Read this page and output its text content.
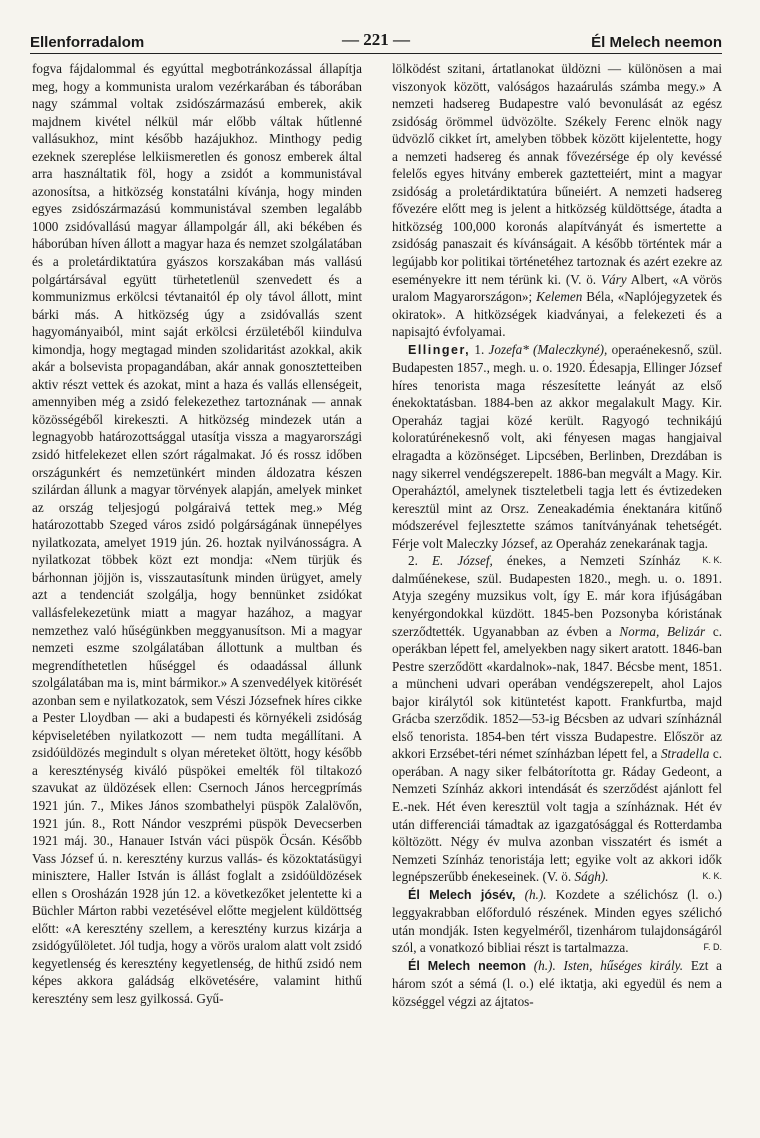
Ellenforradalom	— 221 —	Él Melech neemon

fogva fájdalommal és egyúttal megbotránkozással állapítja meg, hogy a kommunista uralom vezérkarában és táborában nagy számmal voltak zsidószármazású emberek, akik majdnem kivétel nélkül már előbb váltak hűtlenné vallásukhoz, mint később hazájukhoz. Minthogy pedig ezeknek szereplése lelkiismeretlen és gonosz emberek által arra használtatik föl, hogy a zsidót a kommunistával azonosítsa, a hitközség konstatálni kívánja, hogy minden egyes zsidószármazású kommunistával szemben legalább 1000 zsidóvallású magyar állampolgár áll, aki békében és háborúban híven állott a magyar haza és nemzet szolgálatában és a proletárdiktatúra gyászos korszakában más vallású polgártársával együtt türhetetlenül szenvedett és a kommunizmus erkölcsi tévtanaitól ép oly távol állott, mint bárki más. A hitközség úgy a zsidóvallás szent hagyományaiból, mint saját erkölcsi érzületéből kiindulva kimondja, hogy megtagad minden szolidaritást azokkal, akik akár a bolsevista propagandában, akár annak gonosztetteiben aktiv részt vettek és azokat, mint a haza és vallás ellenségeit, amennyiben még a zsidó felekezethez tartoznának — annak közösségéből kirekeszti. A hitközség mindezek után a legnagyobb határozottsággal utasítja vissza a magyarországi zsidó hitfelekezet ellen szórt rágalmakat. Jó és rossz időben országunkért és nemzetünkért minden áldozatra készen szilárdan állunk a magyar törvények alapján, amelyek minket az ország teljesjogú polgáraivá tettek meg.» Még határozottabb Szeged város zsidó polgárságának ünnepélyes nyilatkozata, amelyet 1919 jún. 26. hoztak nyilvánosságra. A nyilatkozat többek közt ezt mondja: «Nem türjük és bárhonnan jöjjön is, visszautasítunk minden ürügyet, amely azt a tendenciát szolgálja, hogy bennünket zsidókat vallásfelekezetünk miatt a magyar hazához, a magyar nemzethez való hűségünkben meggyanusítson. Mi a magyar nemzeti eszme szolgálatában állottunk a multban és megrendíthetetlen hűséggel és odaadással állunk szolgálatában ma is, mint bármikor.» A szenvedélyek kitörését azonban sem e nyilatkozatok, sem Vészi Józsefnek híres cikke a Pester Lloydban — aki a budapesti és környékeli zsidóság képviseletében nyilatkozott — nem tudta megállítani. A zsidóüldözés megindult s olyan méreteket öltött, hogy később a kereszténység kiváló püspökei emelték föl tiltakozó szavukat az üldözések ellen: Csernoch János hercegprímás 1921 jún. 7., Mikes János szombathelyi püspök Zalalövőn, 1921 jún. 8., Rott Nándor veszprémi püspök Devecserben 1921 máj. 30., Hanauer István váci püspök Öcsán. Később Vass József ú. n. keresztény kurzus vallás- és közoktatásügyi minisztere, Haller István is állást foglalt a zsidóüldözések ellen s Orosházán 1928 jún 12. a következőket jelentette ki a Büchler Márton rabbi vezetésével előtte megjelent küldöttség előtt: «A keresztény szellem, a keresztény kurzus kizárja a zsidógyűlöletet. Jól tudja, hogy a vörös uralom alatt volt zsidó kegyetlenség és keresztény kegyetlenség, de hithű zsidó nem képes akkora galádság elkövetésére, valamint hithű keresztény sem lesz gyilkossá. Gyű-

lölködést szitani, ártatlanokat üldözni — különösen a mai viszonyok között, valóságos hazaárulás számba megy.» A nemzeti hadsereg Budapestre való bevonulását az egész zsidóság örömmel üdvözölte. Székely Ferenc elnök nagy üdvözlő cikket írt, amelyben többek között kijelentette, hogy a nemzeti hadsereg és annak fővezérsége ép oly kevéssé felelős egyes hitvány emberek gaztetteiért, mint a magyar zsidóság a proletárdiktatúra bűneiért. A nemzeti hadsereg fővezére előtt meg is jelent a hitközség küldöttsége, átadta a hitközség 100,000 koronás alapítványát és ismertette a zsidóság panaszait és kívánságait. A később történtek már a legújabb kor politikai történetéhez tartoznak és azért ezekre az eseményekre itt nem térünk ki. (V. ö. Váry Albert, «A vörös uralom Magyarországon»; Kelemen Béla, «Naplójegyzetek és okiratok». A hitközségek kiadványai, a felekezeti és a napisajtó évfolyamai.

Ellinger, 1. Jozefa* (Maleczkyné), operaénekesnő, szül. Budapesten 1857., megh. u. o. 1920. Édesapja, Ellinger József híres tenorista maga részesítette leányát az első énekoktatásban. 1884-ben az akkor megalakult Magy. Kir. Operaház tagjai közé került. Ragyogó technikájú koloratúrénekesnő volt, aki fényesen magas hangjaival elragadta a közönséget. Lipcsében, Berlinben, Drezdában is nagy sikerrel vendégszerepelt. 1886-ban megvált a Magy. Kir. Operaháztól, amelynek tiszteletbeli tagja lett és évtizedeken keresztül mint az Orsz. Zeneakadémia énektanára kitűnő módszerével fejlesztette számos tanítványának tehetségét. Férje volt Maleczky József, az Operaház zenekarának tagja.
K. K.

2. E. József, énekes, a Nemzeti Színház dalműénekese, szül. Budapesten 1820., megh. u. o. 1891. Atyja szegény muzsikus volt, így E. már kora ifjúságában kenyérgondokkal küzdött. 1845-ben Pozsonyba kóristának szerződtették. Ugyanabban az évben a Norma, Belizár c. operákban lépett fel, amelyekben nagy sikert aratott. 1846-ban Pestre szerződött «kardalnok»-nak, 1847. Bécsbe ment, 1851. a müncheni udvari operában vendégszerepelt, ahol Lajos bajor királytól sok kitüntetést kapott. Frankfurtba, majd Grácba szerződik. 1852—53-ig Bécsben az udvari színháznál első tenorista. 1854-ben tért vissza Budapestre. Először az akkori Erzsébet-téri német színházban lépett fel, a Stradella c. operában. A nagy siker felbátorította gr. Ráday Gedeont, a Nemzeti Színház akkori intendását és szerződést ajánlott fel E.-nek. Hét éven keresztül volt tagja a színháznak. Hét év után differenciái támadtak az igazgatósággal és Rotterdamba költözött. Négy év mulva azonban visszatért és ismét a Nemzeti Színház tenoristája lett; egyike volt az akkori idők legnépszerűbb énekeseinek. (V. ö. Ságh).	K. K.

Él Melech jósév, (h.). Kozdete a szélichósz (l. o.) leggyakrabban előforduló részének. Minden egyes szélichó után mondják. Isten kegyelméről, tizenhárom tulajdonságáról szól, a vonatkozó bibliai részt is tartalmazza.	F. D.

Él Melech neemon (h.). Isten, hűséges király. Ezt a három szót a sémá (l. o.) elé iktatja, aki egyedül és nem a községgel végzi az ájtatos-
